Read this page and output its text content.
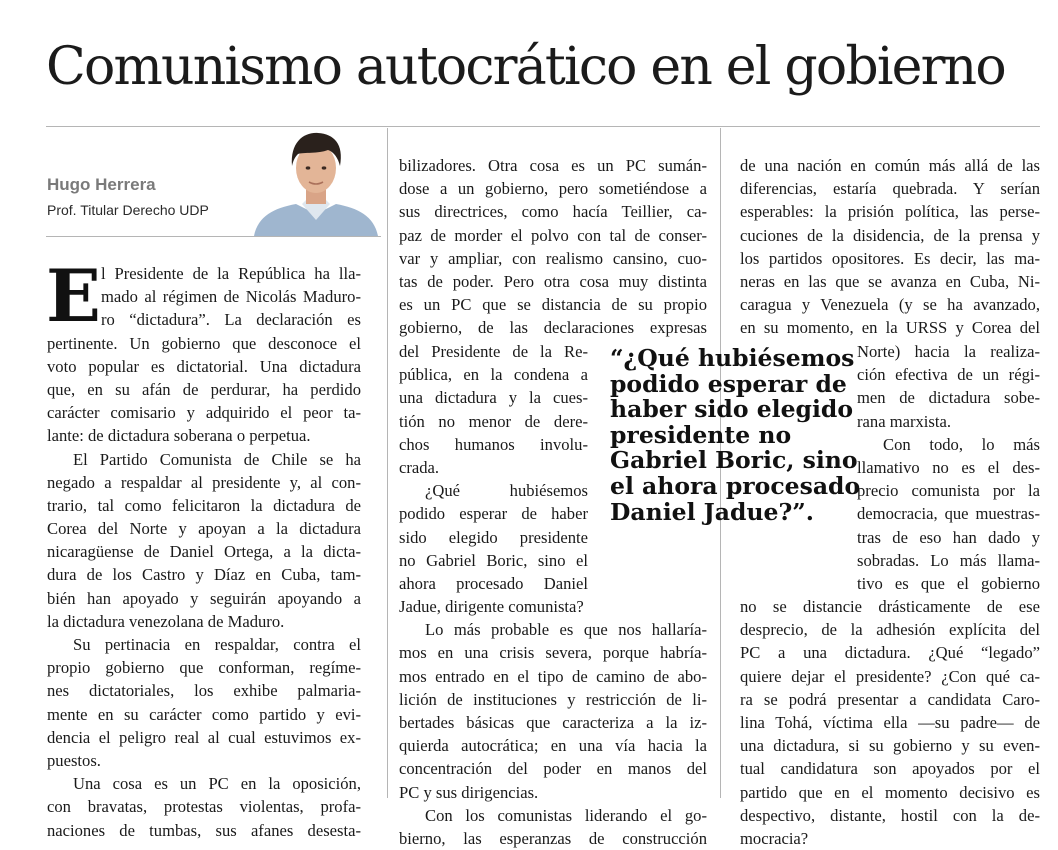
Comunismo autocrático en el gobierno
Hugo Herrera
Prof. Titular Derecho UDP
E l Presidente de la República ha lla-
mado al régimen de Nicolás Maduro-
ro “dictadura”. La declaración es
pertinente. Un gobierno que desconoce el
voto popular es dictatorial. Una dictadura
que, en su afán de perdurar, ha perdido
carácter comisario y adquirido el peor ta-
lante: de dictadura soberana o perpetua.
El Partido Comunista de Chile se ha
negado a respaldar al presidente y, al con-
trario, tal como felicitaron la dictadura de
Corea del Norte y apoyan a la dictadura
nicaragüense de Daniel Ortega, a la dicta-
dura de los Castro y Díaz en Cuba, tam-
bién han apoyado y seguirán apoyando a
la dictadura venezolana de Maduro.
Su pertinacia en respaldar, contra el
propio gobierno que conforman, regíme-
nes dictatoriales, los exhibe palmaria-
mente en su carácter como partido y evi-
dencia el peligro real al cual estuvimos ex-
puestos.
Una cosa es un PC en la oposición,
con bravatas, protestas violentas, profa-
naciones de tumbas, sus afanes desesta-
bilizadores. Otra cosa es un PC sumán-
dose a un gobierno, pero sometiéndose a
sus directrices, como hacía Teillier, ca-
paz de morder el polvo con tal de conser-
var y ampliar, con realismo cansino, cuo-
tas de poder. Pero otra cosa muy distinta
es un PC que se distancia de su propio
gobierno, de las declaraciones expresas
del Presidente de la Re-
pública, en la condena a
una dictadura y la cues-
tión no menor de dere-
chos humanos involu-
crada.
¿Qué hubiésemos
podido esperar de haber
sido elegido presidente
no Gabriel Boric, sino el
ahora procesado Daniel
Jadue, dirigente comunista?
Lo más probable es que nos hallaría-
mos en una crisis severa, porque habría-
mos entrado en el tipo de camino de abo-
lición de instituciones y restricción de li-
bertades básicas que caracteriza a la iz-
quierda autocrática; en una vía hacia la
concentración del poder en manos del
PC y sus dirigencias.
Con los comunistas liderando el go-
bierno, las esperanzas de construcción
de una nación en común más allá de las
diferencias, estaría quebrada. Y serían
esperables: la prisión política, las perse-
cuciones de la disidencia, de la prensa y
los partidos opositores. Es decir, las ma-
neras en las que se avanza en Cuba, Ni-
caragua y Venezuela (y se ha avanzado,
en su momento, en la URSS y Corea del
Norte) hacia la realiza-
ción efectiva de un régi-
men de dictadura sobe-
rana marxista.
Con todo, lo más
llamativo no es el des-
precio comunista por la
democracia, que muestras-
tras de eso han dado y
sobradas. Lo más llama-
tivo es que el gobierno
no se distancie drásticamente de ese
desprecio, de la adhesión explícita del
PC a una dictadura. ¿Qué “legado”
quiere dejar el presidente? ¿Con qué ca-
ra se podrá presentar a candidata Caro-
lina Tohá, víctima ella —su padre— de
una dictadura, si su gobierno y su even-
tual candidatura son apoyados por el
partido que en el momento decisivo es
despectivo, distante, hostil con la de-
mocracia?
“¿Qué hubiésemos
podido esperar de
haber sido elegido
presidente no
Gabriel Boric, sino
el ahora procesado
Daniel Jadue?”.
